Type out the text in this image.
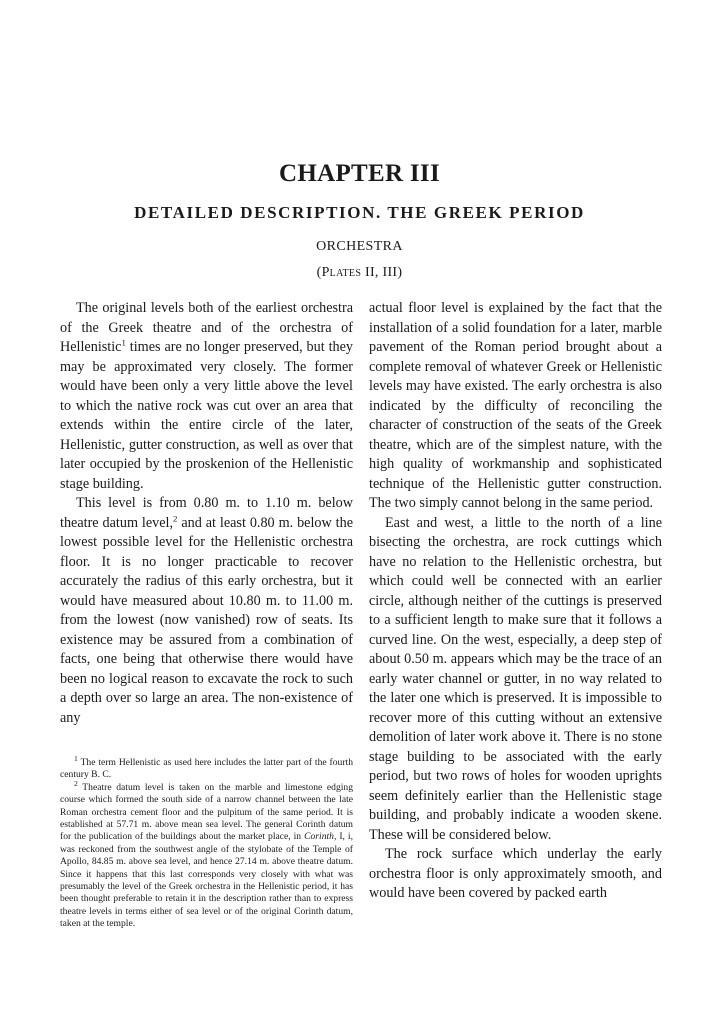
CHAPTER III
DETAILED DESCRIPTION. THE GREEK PERIOD
ORCHESTRA
(Plates II, III)

The original levels both of the earliest orchestra of the Greek theatre and of the orchestra of Hellenistic$^1$ times are no longer preserved, but they may be approximated very closely. The former would have been only a very little above the level to which the native rock was cut over an area that extends within the entire circle of the later, Hellenistic, gutter construction, as well as over that later occupied by the proskenion of the Hellenistic stage building.

This level is from 0.80 m. to 1.10 m. below theatre datum level,$^2$ and at least 0.80 m. below the lowest possible level for the Hellenistic orchestra floor. It is no longer practicable to recover accurately the radius of this early orchestra, but it would have measured about 10.80 m. to 11.00 m. from the lowest (now vanished) row of seats. Its existence may be assured from a combination of facts, one being that otherwise there would have been no logical reason to excavate the rock to such a depth over so large an area. The non-existence of any

$^1$ The term Hellenistic as used here includes the latter part of the fourth century B. C.

$^2$ Theatre datum level is taken on the marble and limestone edging course which formed the south side of a narrow channel between the late Roman orchestra cement floor and the pulpitum of the same period. It is established at 57.71 m. above mean sea level. The general Corinth datum for the publication of the buildings about the market place, in Corinth, I, i, was reckoned from the southwest angle of the stylobate of the Temple of Apollo, 84.85 m. above sea level, and hence 27.14 m. above theatre datum. Since it happens that this last corresponds very closely with what was presumably the level of the Greek orchestra in the Hellenistic period, it has been thought preferable to retain it in the description rather than to express theatre levels in terms either of sea level or of the original Corinth datum, taken at the temple.

actual floor level is explained by the fact that the installation of a solid foundation for a later, marble pavement of the Roman period brought about a complete removal of whatever Greek or Hellenistic levels may have existed. The early orchestra is also indicated by the difficulty of reconciling the character of construction of the seats of the Greek theatre, which are of the simplest nature, with the high quality of workmanship and sophisticated technique of the Hellenistic gutter construction. The two simply cannot belong in the same period.

East and west, a little to the north of a line bisecting the orchestra, are rock cuttings which have no relation to the Hellenistic orchestra, but which could well be connected with an earlier circle, although neither of the cuttings is preserved to a sufficient length to make sure that it follows a curved line. On the west, especially, a deep step of about 0.50 m. appears which may be the trace of an early water channel or gutter, in no way related to the later one which is preserved. It is impossible to recover more of this cutting without an extensive demolition of later work above it. There is no stone stage building to be associated with the early period, but two rows of holes for wooden uprights seem definitely earlier than the Hellenistic stage building, and probably indicate a wooden skene. These will be considered below.

The rock surface which underlay the early orchestra floor is only approximately smooth, and would have been covered by packed earth
